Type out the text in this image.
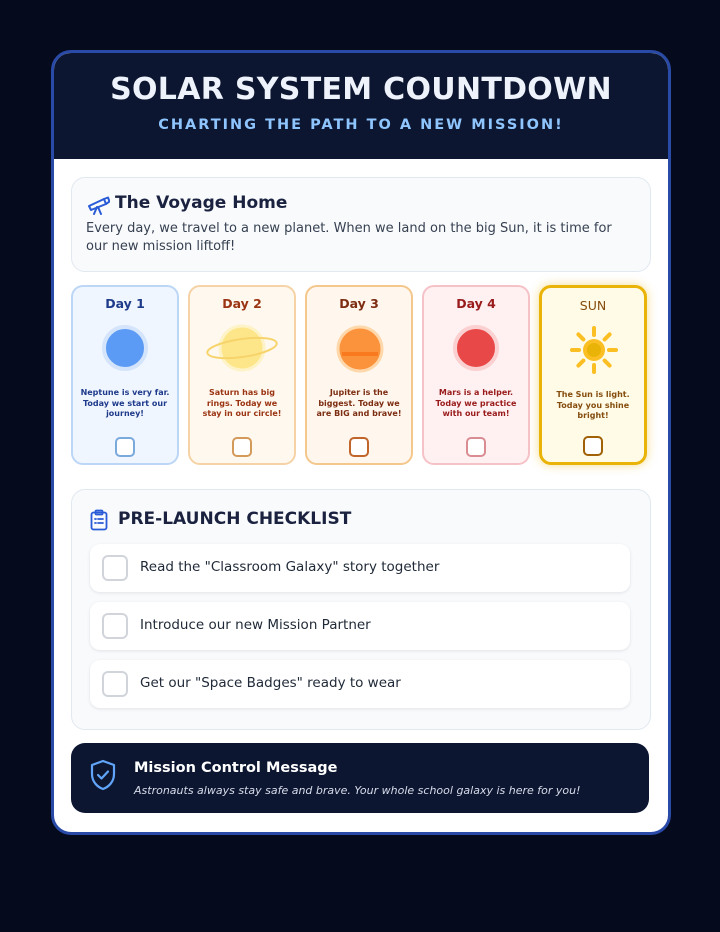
SOLAR SYSTEM COUNTDOWN
CHARTING THE PATH TO A NEW MISSION!
The Voyage Home

Every day, we travel to a new planet. When we land on the big Sun, it is time for our new mission liftoff!

Day 1
Neptune is very far. Today we start our journey!
Day 2
Saturn has big rings. Today we stay in our circle!
Day 3
Jupiter is the biggest. Today we are BIG and brave!
Day 4
Mars is a helper. Today we practice with our team!
SUN
The Sun is light. Today you shine bright!
PRE-LAUNCH CHECKLIST
Read the "Classroom Galaxy" story together
Introduce our new Mission Partner
Get our "Space Badges" ready to wear
Mission Control Message

Astronauts always stay safe and brave. Your whole school galaxy is here for you!
